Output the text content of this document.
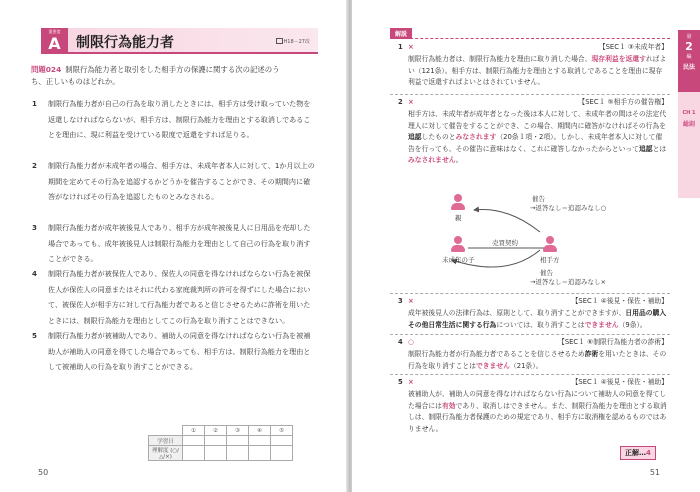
重要度
A	制限行為能力者	H18－27改
問題024 制限行為能力者と取引をした相手方の保護に関する次の記述のう
ち、正しいものはどれか。
1	制限行為能力者が自己の行為を取り消したときには、相手方は受け取っていた物を返還しなければならないが、相手方は、制限行為能力を理由とする取消しであることを理由に、現に利益を受けている限度で返還をすれば足りる。
2	制限行為能力者が未成年者の場合、相手方は、未成年者本人に対して、1か月以上の期間を定めてその行為を追認するかどうかを催告することができ、その期間内に確答がなければその行為を追認したものとみなされる。
3	制限行為能力者が成年被後見人であり、相手方が成年被後見人に日用品を売却した場合であっても、成年被後見人は制限行為能力を理由として自己の行為を取り消すことができる。
4	制限行為能力者が被保佐人であり、保佐人の同意を得なければならない行為を被保佐人が保佐人の同意またはそれに代わる家庭裁判所の許可を得ずにした場合において、被保佐人が相手方に対して行為能力者であると信じさせるために詐術を用いたときには、制限行為能力を理由としてこの行為を取り消すことはできない。
5	制限行為能力者が被補助人であり、補助人の同意を得なければならない行為を被補助人が補助人の同意を得てした場合であっても、相手方は、制限行為能力を理由として被補助人の行為を取り消すことができる。
	①	②	③	④	⑤
学習日					
理解度 (○/△/×)					
50
解説
1 ×	【SEC１ ③未成年者】
制限行為能力者は、制限行為能力を理由に取り消した場合、現存利益を返還すればよい（121条）。相手方は、制限行為能力を理由とする取消しであることを理由に現存利益で返還すればよいとはされていません。
2 ×	【SEC１ ⑤相手方の催告権】
相手方は、未成年者が成年者となった後は本人に対して、未成年者の間はその法定代理人に対して催告をすることができ、この場合、期間内に確答がなければその行為を追認したものとみなされます（20条１項・2項）。しかし、未成年者本人に対して催告を行っても、その催告に意味はなく、これに確答しなかったからといって追認とはみなされません。
親
未成年の子	相手方
売買契約
催告
→返答なし＝追認みなし○
催告
→返答なし＝追認みなし×
3 ×	【SEC１ ④後見・保佐・補助】
成年被後見人の法律行為は、原則として、取り消すことができますが、日用品の購入その他日常生活に関する行為については、取り消すことはできません（9条）。
4 ○	【SEC１ ⑥制限行為能力者の詐術】
制限行為能力者が行為能力者であることを信じさせるため詐術を用いたときは、その行為を取り消すことはできません（21条）。
5 ×	【SEC１ ④後見・保佐・補助】
被補助人が、補助人の同意を得なければならない行為について補助人の同意を得てした場合には有効であり、取消しはできません。また、制限行為能力を理由とする取消しは、制限行為能力者保護のための規定であり、相手方に取消権を認めるものではありません。
正解…4
第
2
編
民法
CH 1
総則
51
